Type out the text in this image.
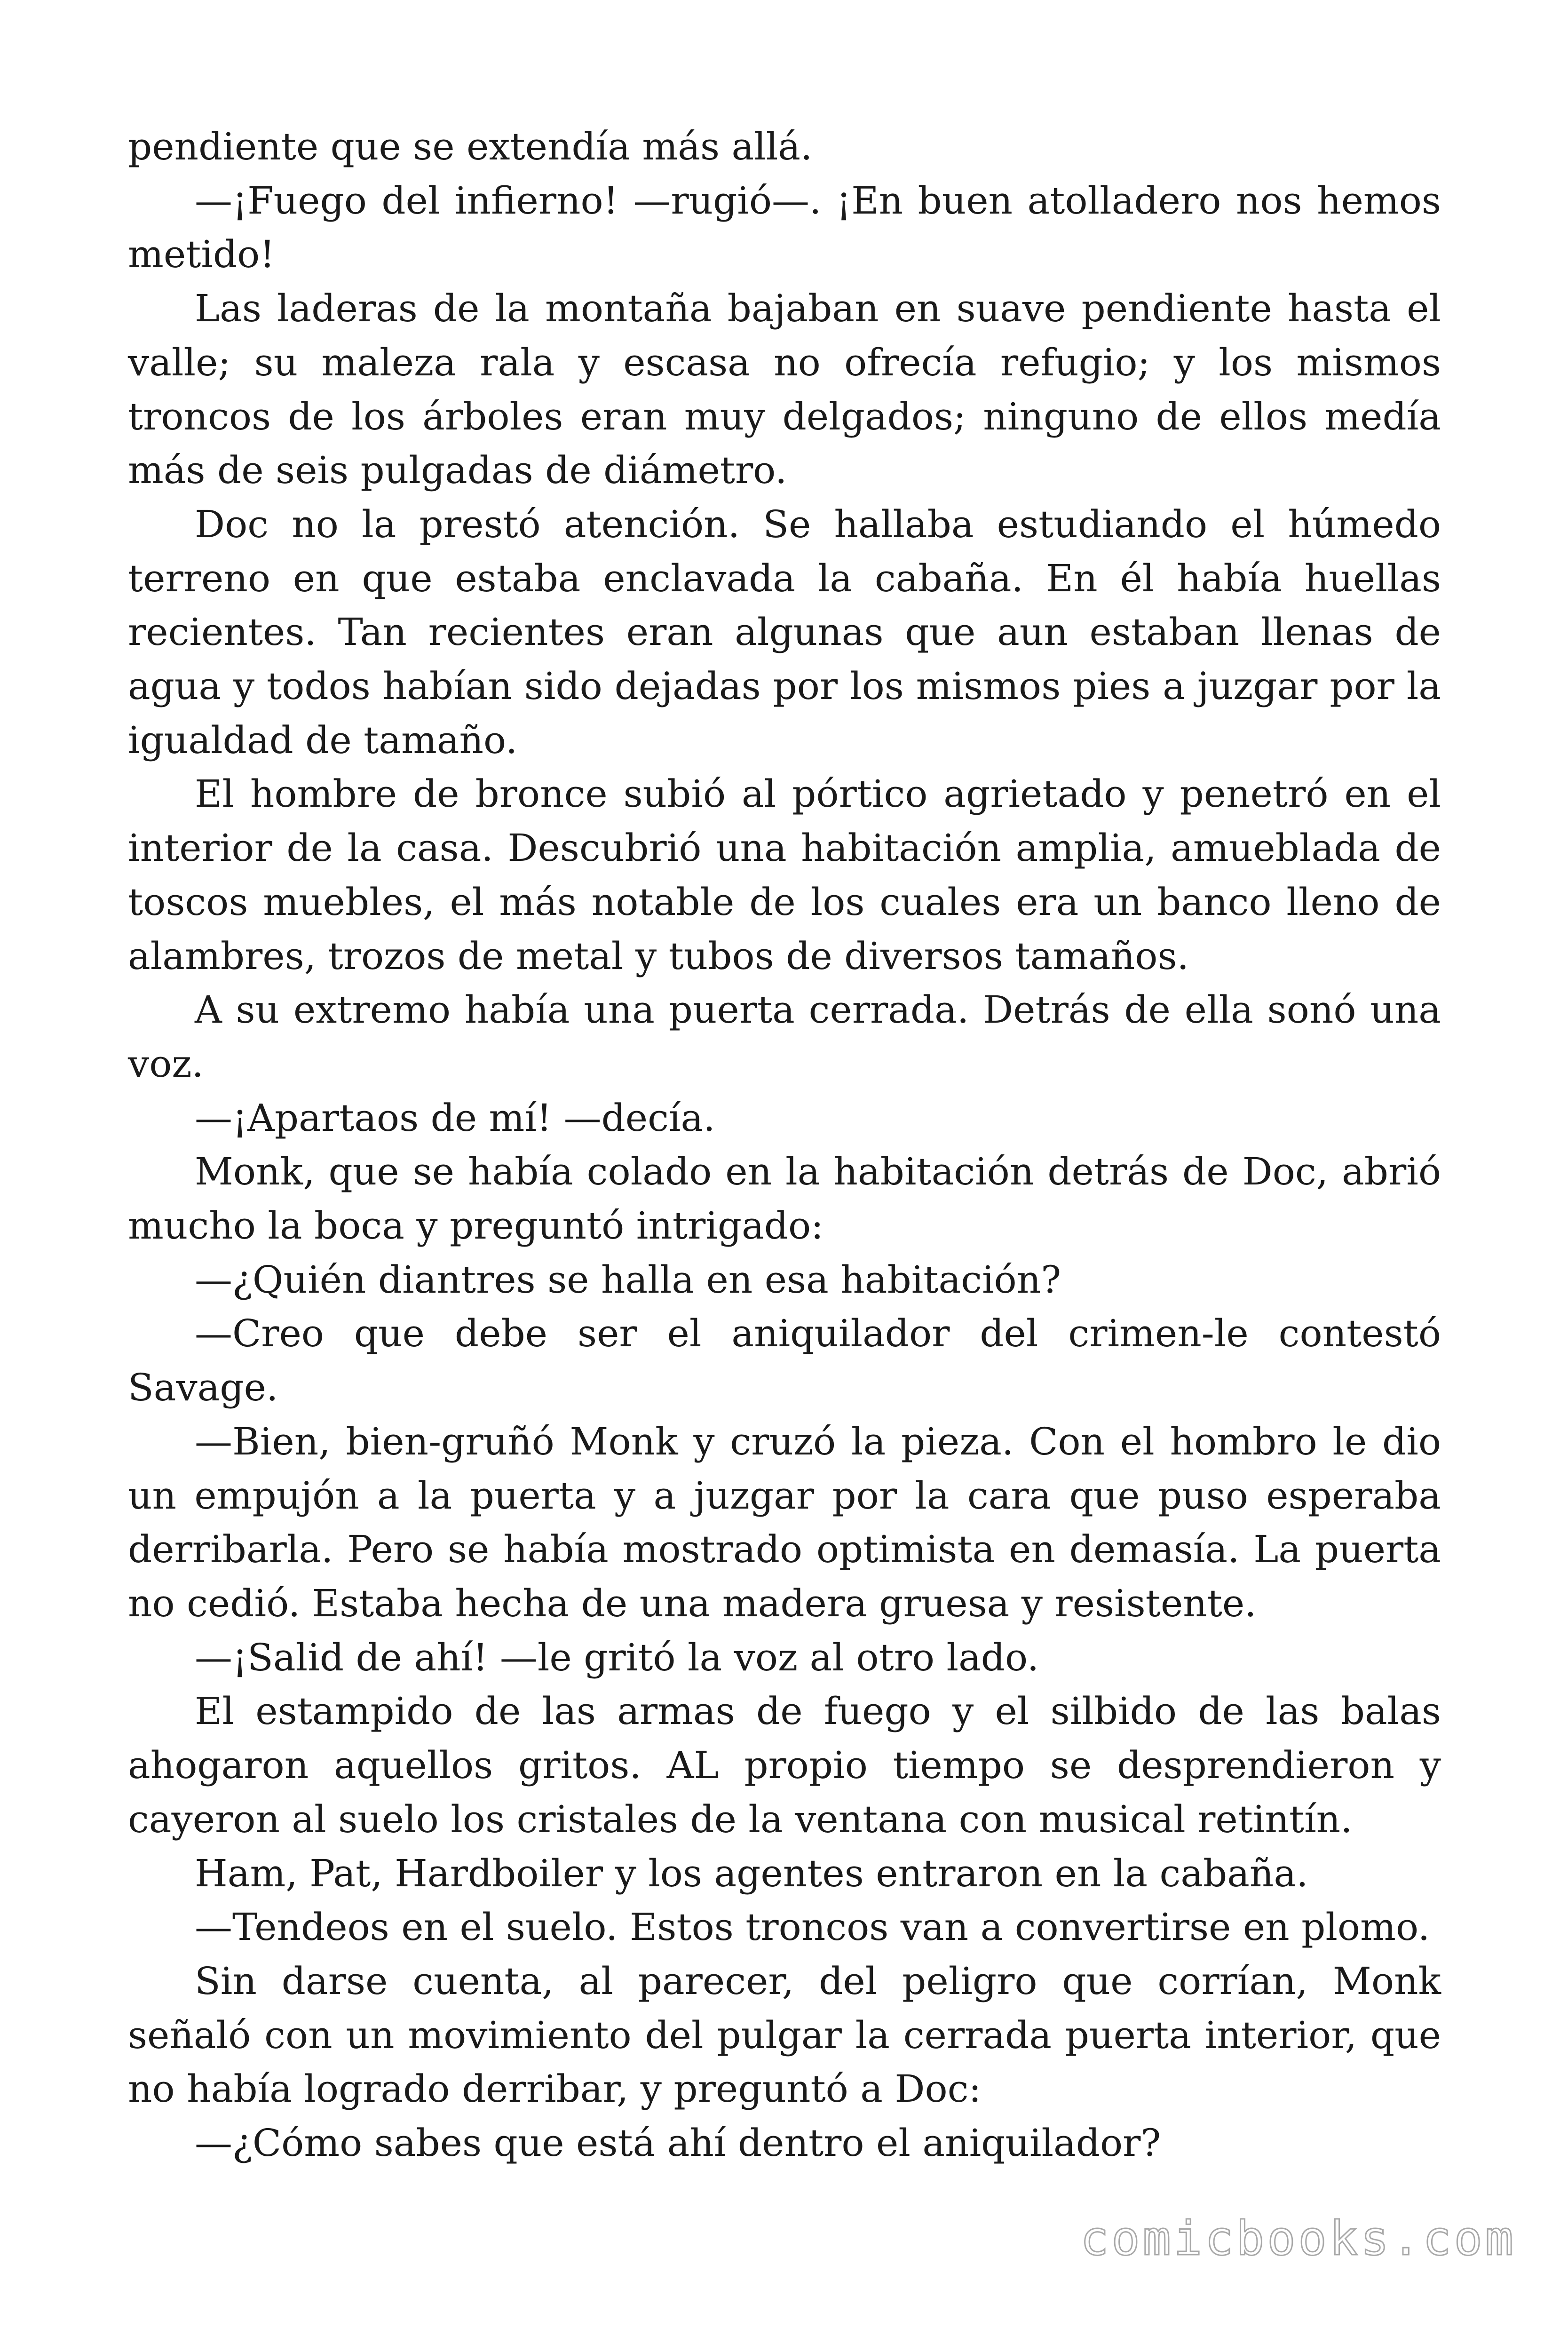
pendiente que se extendía más allá.

—¡Fuego del infierno! —rugió—. ¡En buen atolladero nos hemos metido!

Las laderas de la montaña bajaban en suave pendiente hasta el valle; su maleza rala y escasa no ofrecía refugio; y los mismos troncos de los árboles eran muy delgados; ninguno de ellos medía más de seis pulgadas de diámetro.

Doc no la prestó atención. Se hallaba estudiando el húmedo terreno en que estaba enclavada la cabaña. En él había huellas recientes. Tan recientes eran algunas que aun estaban llenas de agua y todos habían sido dejadas por los mismos pies a juzgar por la igualdad de tamaño.

El hombre de bronce subió al pórtico agrietado y penetró en el interior de la casa. Descubrió una habitación amplia, amueblada de toscos muebles, el más notable de los cuales era un banco lleno de alambres, trozos de metal y tubos de diversos tamaños.

A su extremo había una puerta cerrada. Detrás de ella sonó una voz.

—¡Apartaos de mí! —decía.

Monk, que se había colado en la habitación detrás de Doc, abrió mucho la boca y preguntó intrigado:

—¿Quién diantres se halla en esa habitación?

—Creo que debe ser el aniquilador del crimen-le contestó Savage.

—Bien, bien-gruñó Monk y cruzó la pieza. Con el hombro le dio un empujón a la puerta y a juzgar por la cara que puso esperaba derribarla. Pero se había mostrado optimista en demasía. La puerta no cedió. Estaba hecha de una madera gruesa y resistente.

—¡Salid de ahí! —le gritó la voz al otro lado.

El estampido de las armas de fuego y el silbido de las balas ahogaron aquellos gritos. AL propio tiempo se desprendieron y cayeron al suelo los cristales de la ventana con musical retintín.

Ham, Pat, Hardboiler y los agentes entraron en la cabaña.

—Tendeos en el suelo. Estos troncos van a convertirse en plomo.

Sin darse cuenta, al parecer, del peligro que corrían, Monk señaló con un movimiento del pulgar la cerrada puerta interior, que no había logrado derribar, y preguntó a Doc:

—¿Cómo sabes que está ahí dentro el aniquilador?

comicbooks.com
